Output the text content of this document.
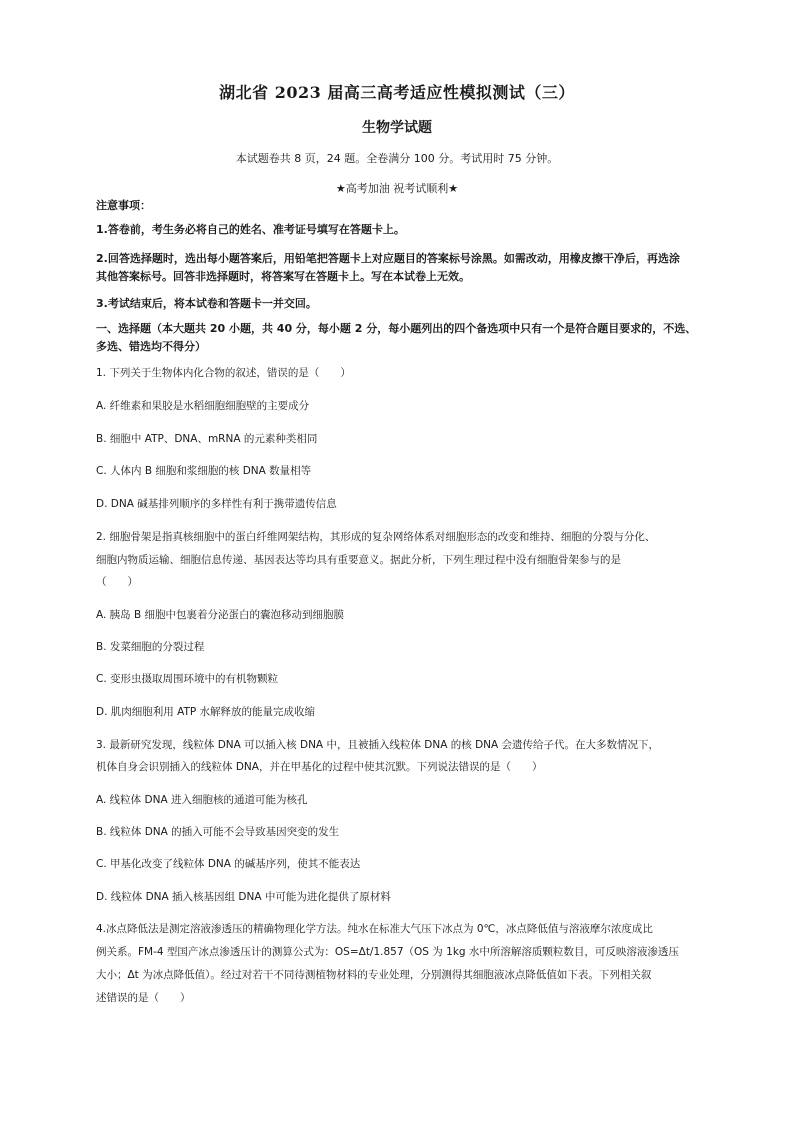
湖北省 2023 届高三高考适应性模拟测试（三）
生物学试题
本试题卷共 8 页，24 题。全卷满分 100 分。考试用时 75 分钟。
★高考加油 祝考试顺利★
注意事项：
1.答卷前，考生务必将自己的姓名、准考证号填写在答题卡上。
2.回答选择题时，选出每小题答案后，用铅笔把答题卡上对应题目的答案标号涂黑。如需改动，用橡皮擦干净后，再选涂
其他答案标号。回答非选择题时，将答案写在答题卡上。写在本试卷上无效。
3.考试结束后，将本试卷和答题卡一并交回。
一、选择题（本大题共 20 小题，共 40 分，每小题 2 分，每小题列出的四个备选项中只有一个是符合题目要求的，不选、
多选、错选均不得分）
1. 下列关于生物体内化合物的叙述，错误的是（　　）
A. 纤维素和果胶是水稻细胞细胞壁的主要成分
B. 细胞中 ATP、DNA、mRNA 的元素种类相同
C. 人体内 B 细胞和浆细胞的核 DNA 数量相等
D. DNA 碱基排列顺序的多样性有利于携带遗传信息
2. 细胞骨架是指真核细胞中的蛋白纤维网架结构，其形成的复杂网络体系对细胞形态的改变和维持、细胞的分裂与分化、
细胞内物质运输、细胞信息传递、基因表达等均具有重要意义。据此分析，下列生理过程中没有细胞骨架参与的是
（　　）
A. 胰岛 B 细胞中包裹着分泌蛋白的囊泡移动到细胞膜
B. 发菜细胞的分裂过程
C. 变形虫摄取周围环境中的有机物颗粒
D. 肌肉细胞利用 ATP 水解释放的能量完成收缩
3. 最新研究发现，线粒体 DNA 可以插入核 DNA 中，且被插入线粒体 DNA 的核 DNA 会遗传给子代。在大多数情况下，
机体自身会识别插入的线粒体 DNA，并在甲基化的过程中使其沉默。下列说法错误的是（　　）
A. 线粒体 DNA 进入细胞核的通道可能为核孔
B. 线粒体 DNA 的插入可能不会导致基因突变的发生
C. 甲基化改变了线粒体 DNA 的碱基序列，使其不能表达
D. 线粒体 DNA 插入核基因组 DNA 中可能为进化提供了原材料
4.冰点降低法是测定溶液渗透压的精确物理化学方法。纯水在标准大气压下冰点为 0℃，冰点降低值与溶液摩尔浓度成比
例关系。FM-4 型国产冰点渗透压计的测算公式为：OS=Δt/1.857（OS 为 1kg 水中所溶解溶质颗粒数目，可反映溶液渗透压
大小；Δt 为冰点降低值）。经过对若干不同待测植物材料的专业处理，分别测得其细胞液冰点降低值如下表。下列相关叙
述错误的是（　　）
